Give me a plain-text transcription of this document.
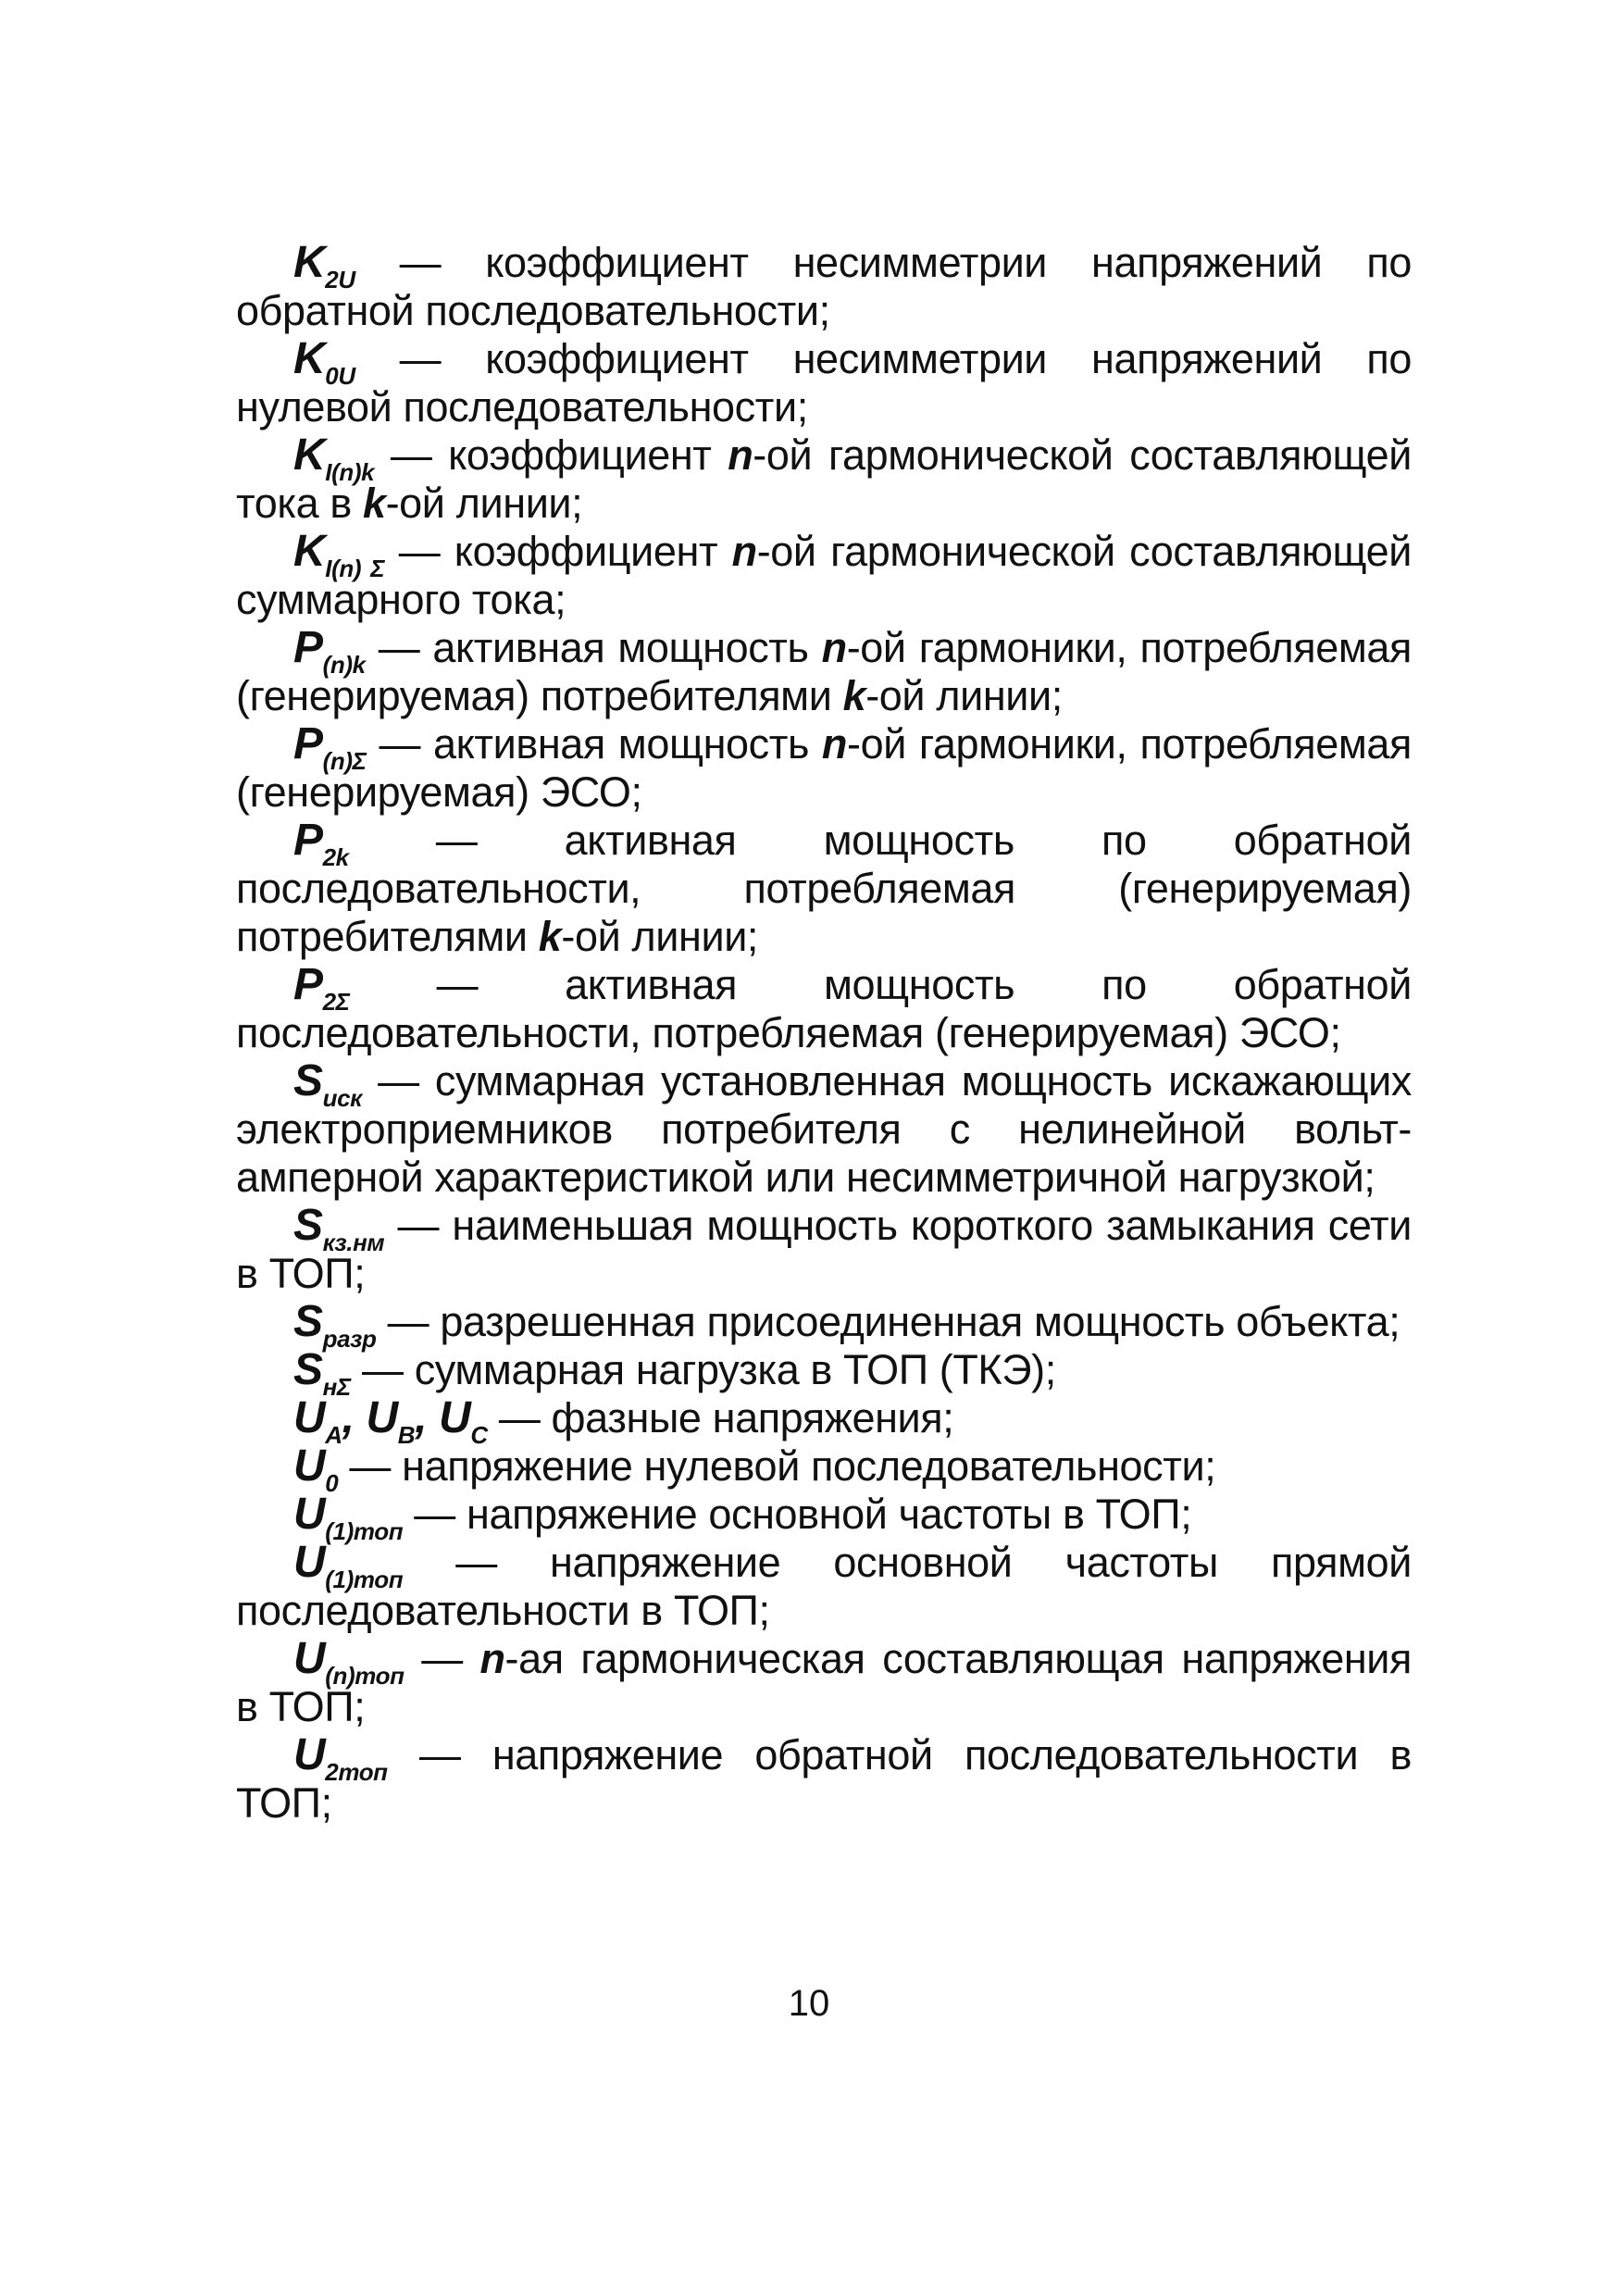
$K_{2U}$ — коэффициент несимметрии напряжений по обратной последовательности;

$K_{0U}$ — коэффициент несимметрии напряжений по нулевой последовательности;

$K_{I(n)k}$ — коэффициент n-ой гармонической составляющей тока в k-ой линии;

$K_{I(n) \Sigma}$ — коэффициент n-ой гармонической составляющей суммарного тока;

$P_{(n)k}$ — активная мощность n-ой гармоники, потребляемая (генерируемая) потребителями k-ой линии;

$P_{(n)\Sigma}$ — активная мощность n-ой гармоники, потребляемая (генерируемая) ЭСО;

$P_{2k}$ — активная мощность по обратной последовательности, потребляемая (генерируемая) потребителями k-ой линии;

$P_{2\Sigma}$ — активная мощность по обратной последовательности, потребляемая (генерируемая) ЭСО;

$S_{иск}$ — суммарная установленная мощность искажающих электроприемников потребителя с нелинейной вольт-амперной характеристикой или несимметричной нагрузкой;

$S_{кз.нм}$ — наименьшая мощность короткого замыкания сети в ТОП;

$S_{разр}$ — разрешенная присоединенная мощность объекта;

$S_{н\Sigma}$ — суммарная нагрузка в ТОП (ТКЭ);

$U_A$, $U_B$, $U_C$ — фазные напряжения;

$U_0$ — напряжение нулевой последовательности;

$U_{(1)топ}$ — напряжение основной частоты в ТОП;

$U_{(1)топ}$ — напряжение основной частоты прямой последовательности в ТОП;

$U_{(n)топ}$ — n-ая гармоническая составляющая напряжения в ТОП;

$U_{2топ}$ — напряжение обратной последовательности в ТОП;

10
